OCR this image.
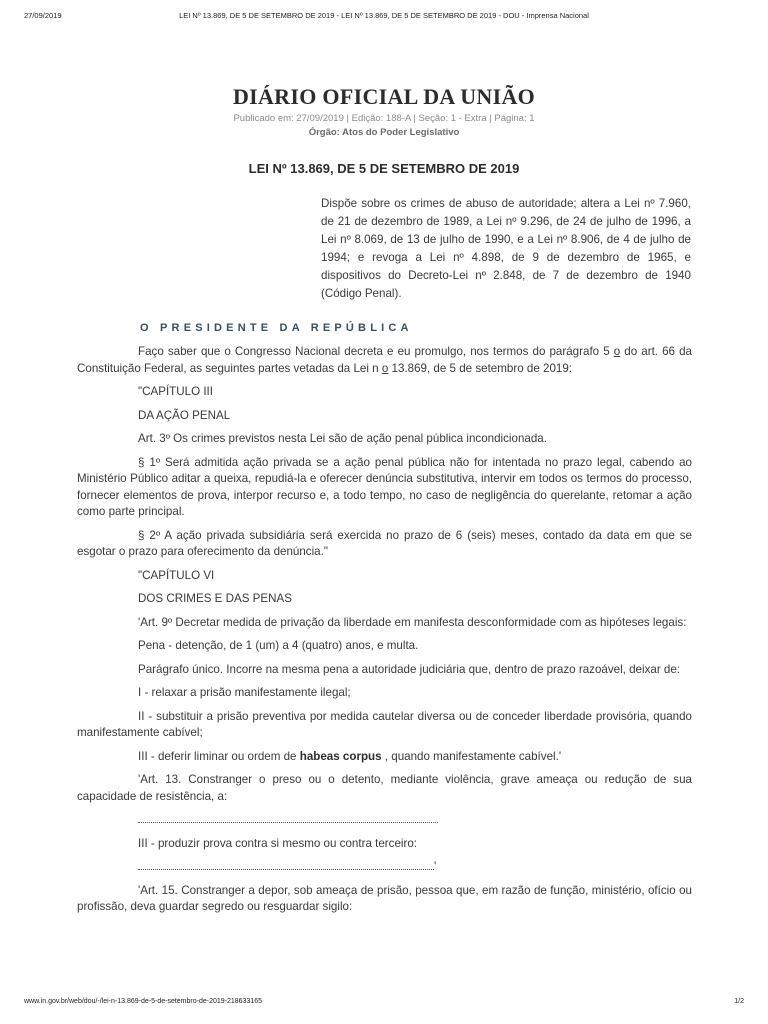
27/09/2019	LEI Nº 13.869, DE 5 DE SETEMBRO DE 2019 - LEI Nº 13.869, DE 5 DE SETEMBRO DE 2019 - DOU - Imprensa Nacional
DIÁRIO OFICIAL DA UNIÃO
Publicado em: 27/09/2019 | Edição: 188-A | Seção: 1 - Extra | Página: 1
Órgão: Atos do Poder Legislativo
LEI Nº 13.869, DE 5 DE SETEMBRO DE 2019
Dispõe sobre os crimes de abuso de autoridade; altera a Lei nº 7.960, de 21 de dezembro de 1989, a Lei nº 9.296, de 24 de julho de 1996, a Lei nº 8.069, de 13 de julho de 1990, e a Lei nº 8.906, de 4 de julho de 1994; e revoga a Lei nº 4.898, de 9 de dezembro de 1965, e dispositivos do Decreto-Lei nº 2.848, de 7 de dezembro de 1940 (Código Penal).
O PRESIDENTE DA REPÚBLICA

Faço saber que o Congresso Nacional decreta e eu promulgo, nos termos do parágrafo 5 o do art. 66 da Constituição Federal, as seguintes partes vetadas da Lei n o 13.869, de 5 de setembro de 2019:

"CAPÍTULO III

DA AÇÃO PENAL

Art. 3º Os crimes previstos nesta Lei são de ação penal pública incondicionada.

§ 1º Será admitida ação privada se a ação penal pública não for intentada no prazo legal, cabendo ao Ministério Público aditar a queixa, repudiá-la e oferecer denúncia substitutiva, intervir em todos os termos do processo, fornecer elementos de prova, interpor recurso e, a todo tempo, no caso de negligência do querelante, retomar a ação como parte principal.

§ 2º A ação privada subsidiária será exercida no prazo de 6 (seis) meses, contado da data em que se esgotar o prazo para oferecimento da denúncia."

"CAPÍTULO VI

DOS CRIMES E DAS PENAS

'Art. 9º Decretar medida de privação da liberdade em manifesta desconformidade com as hipóteses legais:

Pena - detenção, de 1 (um) a 4 (quatro) anos, e multa.

Parágrafo único. Incorre na mesma pena a autoridade judiciária que, dentro de prazo razoável, deixar de:

I - relaxar a prisão manifestamente ilegal;

II - substituir a prisão preventiva por medida cautelar diversa ou de conceder liberdade provisória, quando manifestamente cabível;

III - deferir liminar ou ordem de habeas corpus , quando manifestamente cabível.'

'Art. 13. Constranger o preso ou o detento, mediante violência, grave ameaça ou redução de sua capacidade de resistência, a:

III - produzir prova contra si mesmo ou contra terceiro:

'

'Art. 15. Constranger a depor, sob ameaça de prisão, pessoa que, em razão de função, ministério, ofício ou profissão, deva guardar segredo ou resguardar sigilo:

www.in.gov.br/web/dou/-/lei-n-13.869-de-5-de-setembro-de-2019-218633165	1/2
